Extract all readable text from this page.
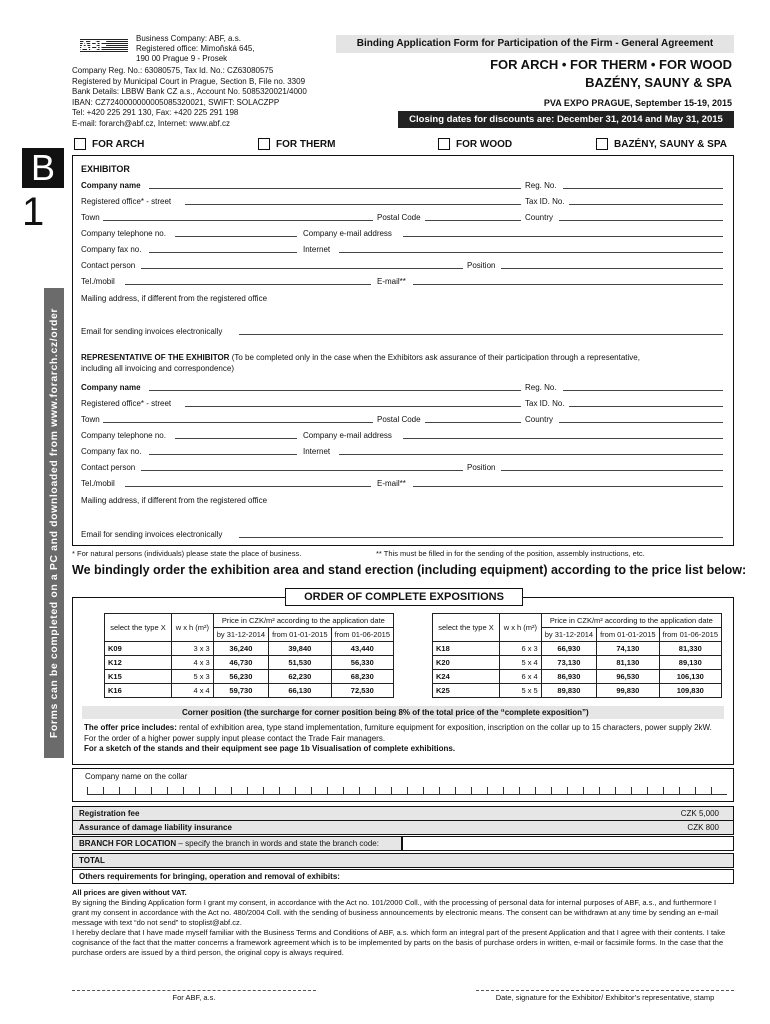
ABF	Business Company: ABF, a.s.
Registered office: Mimoňská 645,
190 00 Prague 9 - Prosek
Company Reg. No.: 63080575, Tax Id. No.: CZ63080575
Registered by Municipal Court in Prague, Section B, File no. 3309
Bank Details: LBBW Bank CZ a.s., Account No. 5085320021/4000
IBAN: CZ7240000000005085320021, SWIFT: SOLACZPP
Tel: +420 225 291 130, Fax: +420 225 291 198
E-mail: forarch@abf.cz, Internet: www.abf.cz
Binding Application Form for Participation of the Firm - General Agreement
FOR ARCH • FOR THERM • FOR WOOD
BAZÉNY, SAUNY & SPA
PVA EXPO PRAGUE, September 15-19, 2015
Closing dates for discounts are: December 31, 2014 and May 31, 2015
B
1
Forms can be completed on a PC and downloaded from www.forarch.cz/order
FOR ARCH	FOR THERM	FOR WOOD	BAZÉNY, SAUNY & SPA
EXHIBITOR
Company name	Reg. No.
Registered office* - street	Tax ID. No.
Town	Postal Code	Country
Company telephone no.	Company e-mail address
Company fax no.	Internet
Contact person	Position
Tel./mobil	E-mail**
Mailing address, if different from the registered office
Email for sending invoices electronically
REPRESENTATIVE OF THE EXHIBITOR (To be completed only in the case when the Exhibitors ask assurance of their participation through a representative,
including all invoicing and correspondence)
Company name	Reg. No.
Registered office* - street	Tax ID. No.
Town	Postal Code	Country
Company telephone no.	Company e-mail address
Company fax no.	Internet
Contact person	Position
Tel./mobil	E-mail**
Mailing address, if different from the registered office
Email for sending invoices electronically
* For natural persons (individuals) please state the place of business.	** This must be filled in for the sending of the position, assembly instructions, etc.
We bindingly order the exhibition area and stand erection (including equipment) according to the price list below:
ORDER OF COMPLETE EXPOSITIONS
select the type X	w x h (m²)	Price in CZK/m² according to the application date		
		by 31-12-2014	from 01-01-2015	from 01-06-2015
K09	3 x 3	36,240	39,840	43,440
K12	4 x 3	46,730	51,530	56,330
K15	5 x 3	56,230	62,230	68,230
K16	4 x 4	59,730	66,130	72,530
select the type X	w x h (m²)	Price in CZK/m² according to the application date		
		by 31-12-2014	from 01-01-2015	from 01-06-2015
K18	6 x 3	66,930	74,130	81,330
K20	5 x 4	73,130	81,130	89,130
K24	6 x 4	86,930	96,530	106,130
K25	5 x 5	89,830	99,830	109,830
Corner position (the surcharge for corner position being 8% of the total price of the “complete exposition”)
The offer price includes: rental of exhibition area, type stand implementation, furniture equipment for exposition, inscription on the collar up to 15 characters, power supply 2kW.
For the order of a higher power supply input please contact the Trade Fair managers.
For a sketch of the stands and their equipment see page 1b Visualisation of complete exhibitions.
Company name on the collar
Registration fee	CZK 5,000
Assurance of damage liability insurance	CZK 800
BRANCH FOR LOCATION – specify the branch in words and state the branch code:
TOTAL
Others requirements for bringing, operation and removal of exhibits:
All prices are given without VAT.
By signing the Binding Application form I grant my consent, in accordance with the Act no. 101/2000 Coll., with the processing of personal data for internal purposes of ABF, a.s., and furthermore I grant my consent in accordance with the Act no. 480/2004 Coll. with the sending of business announcements by electronic means. The consent can be withdrawn at any time by sending an e-mail message with text “do not send” to stoplist@abf.cz.
I hereby declare that I have made myself familiar with the Business Terms and Conditions of ABF, a.s. which form an integral part of the present Application and that I agree with their contents. I take cognisance of the fact that the matter concerns a framework agreement which is to be implemented by parts on the basis of purchase orders in written, e-mail or facsimile forms. In the case that the purchase orders are issued by a third person, the original copy is always required.
For ABF, a.s.	Date, signature for the Exhibitor/ Exhibitor’s representative, stamp
